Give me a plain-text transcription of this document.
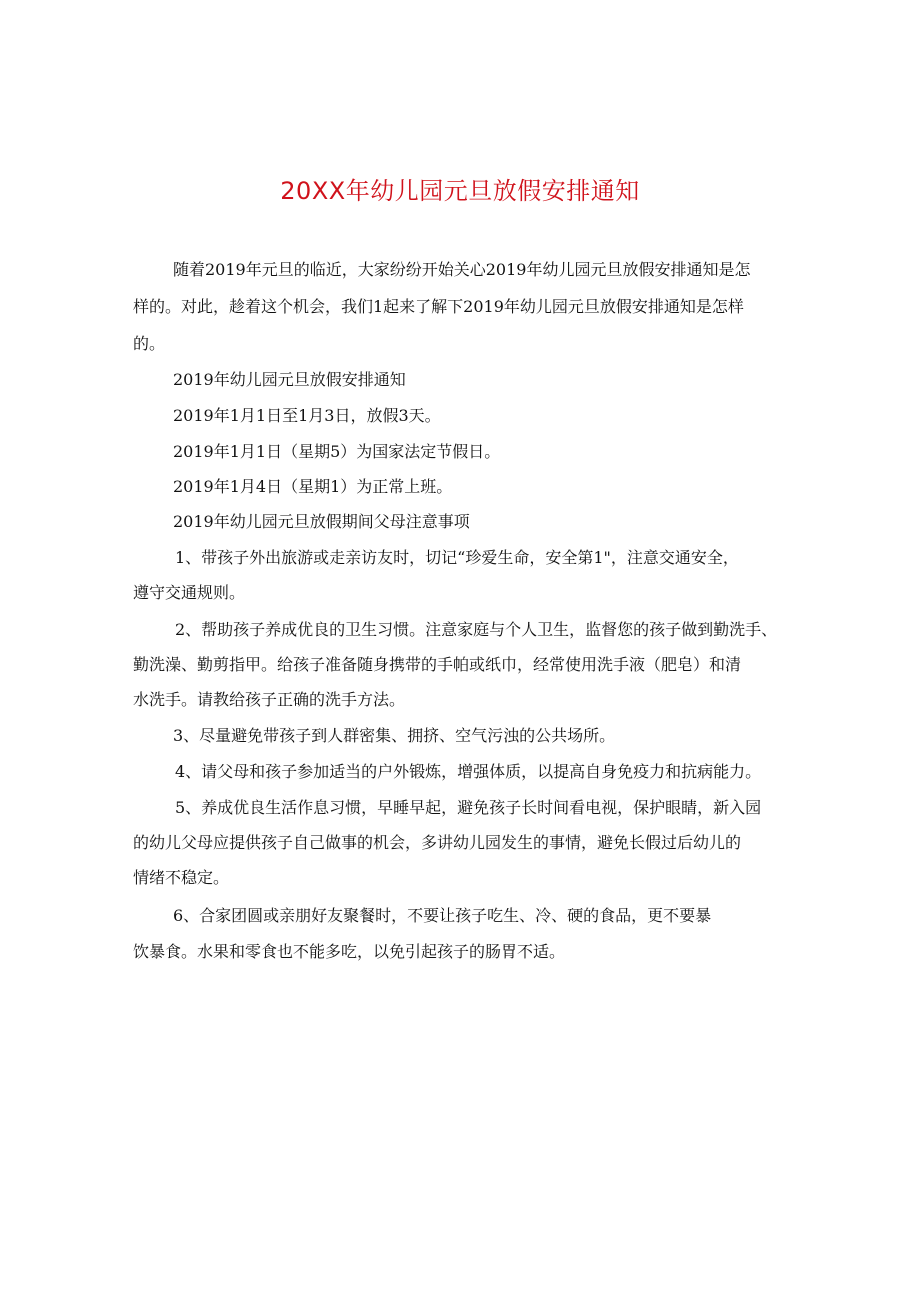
20XX年幼儿园元旦放假安排通知

随着2019年元旦的临近，大家纷纷开始关心2019年幼儿园元旦放假安排通知是怎

样的。对此，趁着这个机会，我们1起来了解下2019年幼儿园元旦放假安排通知是怎样

的。

2019年幼儿园元旦放假安排通知

2019年1月1日至1月3日，放假3天。

2019年1月1日（星期5）为国家法定节假日。

2019年1月4日（星期1）为正常上班。

2019年幼儿园元旦放假期间父母注意事项

1、带孩子外出旅游或走亲访友时，切记“珍爱生命，安全第1"，注意交通安全，

遵守交通规则。

2、帮助孩子养成优良的卫生习惯。注意家庭与个人卫生，监督您的孩子做到勤洗手、

勤洗澡、勤剪指甲。给孩子准备随身携带的手帕或纸巾，经常使用洗手液（肥皂）和清

水洗手。请教给孩子正确的洗手方法。

3、尽量避免带孩子到人群密集、拥挤、空气污浊的公共场所。

4、请父母和孩子参加适当的户外锻炼，增强体质，以提高自身免疫力和抗病能力。

5、养成优良生活作息习惯，早睡早起，避免孩子长时间看电视，保护眼睛，新入园

的幼儿父母应提供孩子自己做事的机会，多讲幼儿园发生的事情，避免长假过后幼儿的

情绪不稳定。

6、合家团圆或亲朋好友聚餐时，不要让孩子吃生、冷、硬的食品，更不要暴

饮暴食。水果和零食也不能多吃，以免引起孩子的肠胃不适。
